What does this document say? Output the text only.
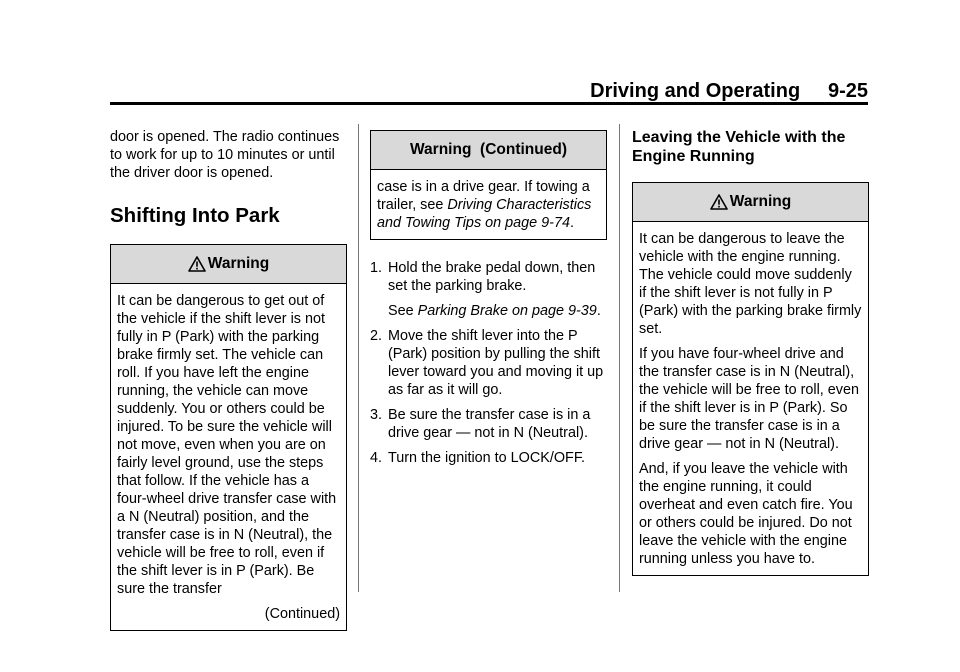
Driving and Operating 9-25

door is opened. The radio continues to work for up to 10 minutes or until the driver door is opened.

Shifting Into Park
Warning

It can be dangerous to get out of the vehicle if the shift lever is not fully in P (Park) with the parking brake firmly set. The vehicle can roll. If you have left the engine running, the vehicle can move suddenly. You or others could be injured. To be sure the vehicle will not move, even when you are on fairly level ground, use the steps that follow. If the vehicle has a four-wheel drive transfer case with a N (Neutral) position, and the transfer case is in N (Neutral), the vehicle will be free to roll, even if the shift lever is in P (Park). Be sure the transfer

(Continued)

Warning  (Continued)

case is in a drive gear. If towing a trailer, see Driving Characteristics and Towing Tips on page 9-74.

1. Hold the brake pedal down, then set the parking brake.
See Parking Brake on page 9-39.
2. Move the shift lever into the P (Park) position by pulling the shift lever toward you and moving it up as far as it will go.
3. Be sure the transfer case is in a drive gear — not in N (Neutral).
4. Turn the ignition to LOCK/OFF.
Leaving the Vehicle with the Engine Running
Warning

It can be dangerous to leave the vehicle with the engine running. The vehicle could move suddenly if the shift lever is not fully in P (Park) with the parking brake firmly set.

If you have four-wheel drive and the transfer case is in N (Neutral), the vehicle will be free to roll, even if the shift lever is in P (Park). So be sure the transfer case is in a drive gear — not in N (Neutral).

And, if you leave the vehicle with the engine running, it could overheat and even catch fire. You or others could be injured. Do not leave the vehicle with the engine running unless you have to.
